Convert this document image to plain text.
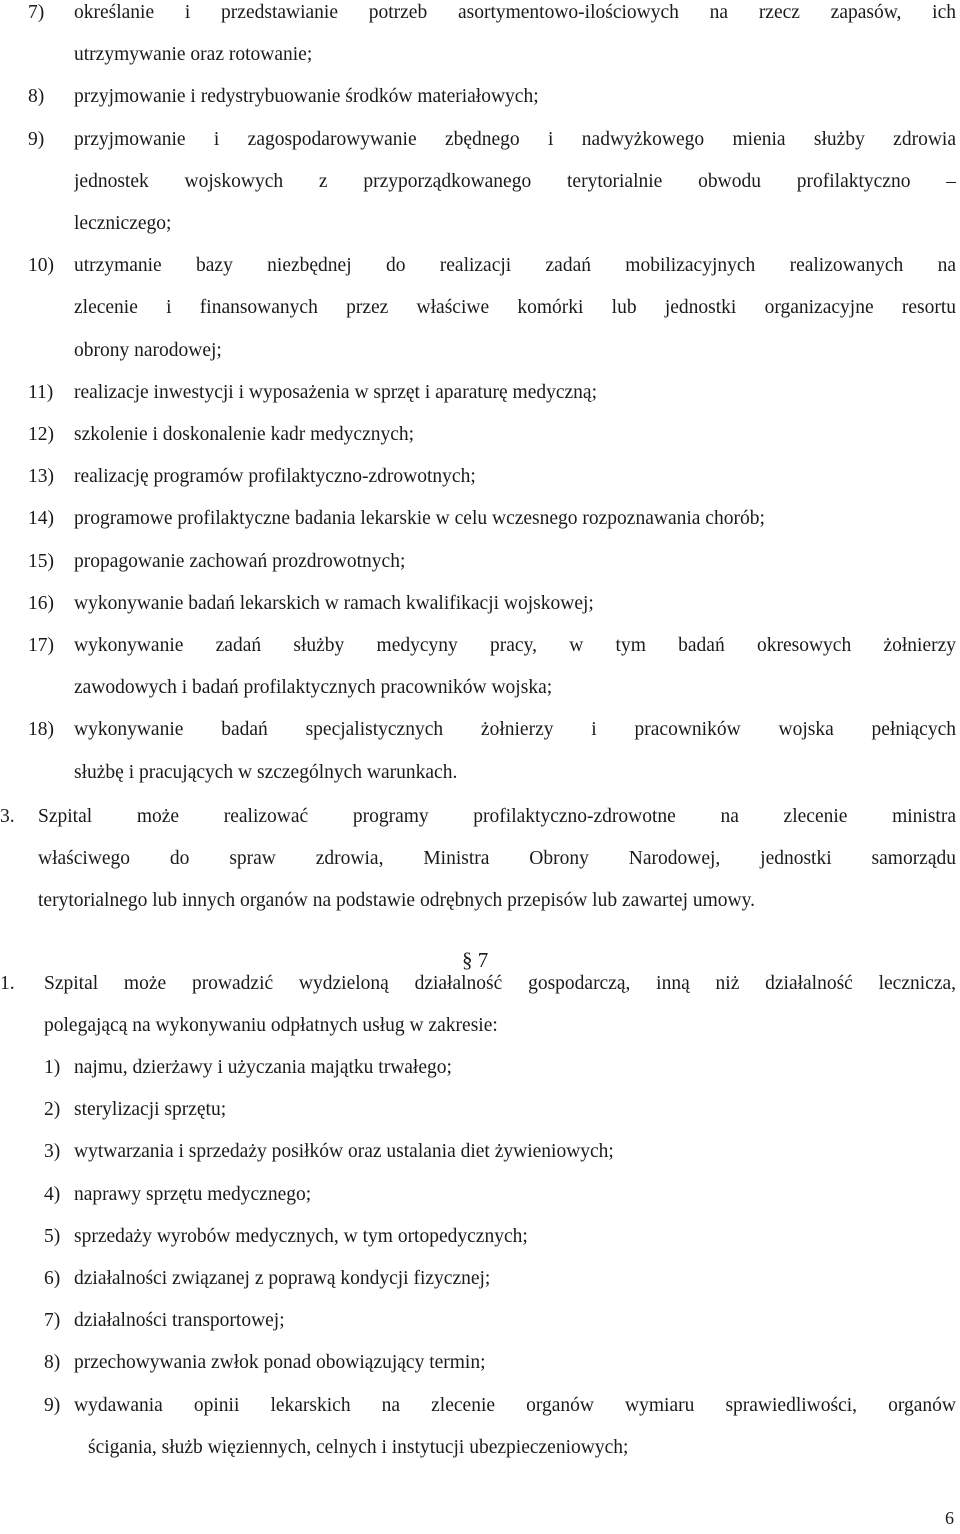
7) określanie i przedstawianie potrzeb asortymentowo-ilościowych na rzecz zapasów, ich
utrzymywanie oraz rotowanie;
8) przyjmowanie i redystrybuowanie środków materiałowych;
9) przyjmowanie i zagospodarowywanie zbędnego i nadwyżkowego mienia służby zdrowia
jednostek wojskowych z przyporządkowanego terytorialnie obwodu profilaktyczno –
leczniczego;
10) utrzymanie bazy niezbędnej do realizacji zadań mobilizacyjnych realizowanych na
zlecenie i finansowanych przez właściwe komórki lub jednostki organizacyjne resortu
obrony narodowej;
11) realizacje inwestycji i wyposażenia w sprzęt i aparaturę medyczną;
12) szkolenie i doskonalenie kadr medycznych;
13) realizację programów profilaktyczno-zdrowotnych;
14) programowe profilaktyczne badania lekarskie w celu wczesnego rozpoznawania chorób;
15) propagowanie zachowań prozdrowotnych;
16) wykonywanie badań lekarskich w ramach kwalifikacji wojskowej;
17) wykonywanie zadań służby medycyny pracy, w tym badań okresowych żołnierzy
zawodowych i badań profilaktycznych pracowników wojska;
18) wykonywanie badań specjalistycznych żołnierzy i pracowników wojska pełniących
służbę i pracujących w szczególnych warunkach.
3. Szpital może realizować programy profilaktyczno-zdrowotne na zlecenie ministra
właściwego do spraw zdrowia, Ministra Obrony Narodowej, jednostki samorządu
terytorialnego lub innych organów na podstawie odrębnych przepisów lub zawartej umowy.
1. Szpital może prowadzić wydzieloną działalność gospodarczą, inną niż działalność lecznicza,
polegającą na wykonywaniu odpłatnych usług w zakresie:
1) najmu, dzierżawy i użyczania majątku trwałego;
2) sterylizacji sprzętu;
3) wytwarzania i sprzedaży posiłków oraz ustalania diet żywieniowych;
4) naprawy sprzętu medycznego;
5) sprzedaży wyrobów medycznych, w tym ortopedycznych;
6) działalności związanej z poprawą kondycji fizycznej;
7) działalności transportowej;
8) przechowywania zwłok ponad obowiązujący termin;
9) wydawania opinii lekarskich na zlecenie organów wymiaru sprawiedliwości, organów
ścigania, służb więziennych, celnych i instytucji ubezpieczeniowych;
§ 7
6
